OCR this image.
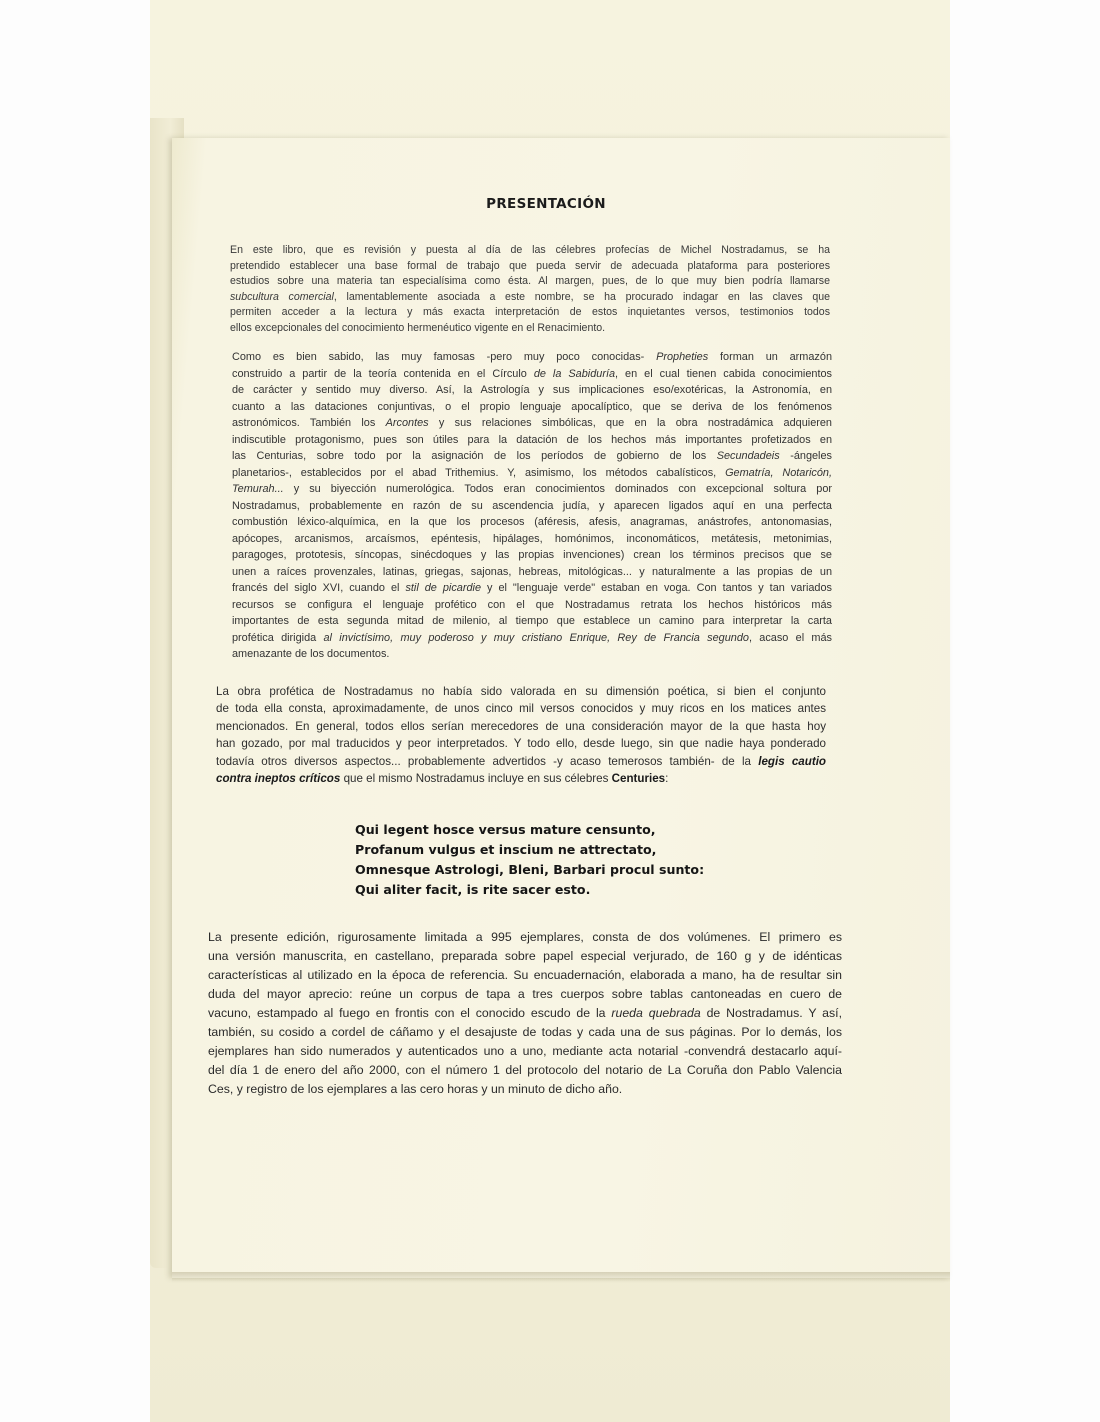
PRESENTACIÓN
En este libro, que es revisión y puesta al día de las célebres profecías de Michel Nostradamus, se ha
pretendido establecer una base formal de trabajo que pueda servir de adecuada plataforma para posteriores
estudios sobre una materia tan especialísima como ésta. Al margen, pues, de lo que muy bien podría llamarse
subcultura comercial, lamentablemente asociada a este nombre, se ha procurado indagar en las claves que
permiten acceder a la lectura y más exacta interpretación de estos inquietantes versos, testimonios todos
ellos excepcionales del conocimiento hermenéutico vigente en el Renacimiento.
Como es bien sabido, las muy famosas -pero muy poco conocidas- Propheties forman un armazón
construido a partir de la teoría contenida en el Círculo de la Sabiduría, en el cual tienen cabida conocimientos
de carácter y sentido muy diverso. Así, la Astrología y sus implicaciones eso/exotéricas, la Astronomía, en
cuanto a las dataciones conjuntivas, o el propio lenguaje apocalíptico, que se deriva de los fenómenos
astronómicos. También los Arcontes y sus relaciones simbólicas, que en la obra nostradámica adquieren
indiscutible protagonismo, pues son útiles para la datación de los hechos más importantes profetizados en
las Centurias, sobre todo por la asignación de los períodos de gobierno de los Secundadeis -ángeles
planetarios-, establecidos por el abad Trithemius. Y, asimismo, los métodos cabalísticos, Gematría, Notaricón,
Temurah... y su biyección numerológica. Todos eran conocimientos dominados con excepcional soltura por
Nostradamus, probablemente en razón de su ascendencia judía, y aparecen ligados aquí en una perfecta
combustión léxico-alquímica, en la que los procesos (aféresis, afesis, anagramas, anástrofes, antonomasias,
apócopes, arcanismos, arcaísmos, epéntesis, hipálages, homónimos, inconomáticos, metátesis, metonimias,
paragoges, prototesis, síncopas, sinécdoques y las propias invenciones) crean los términos precisos que se
unen a raíces provenzales, latinas, griegas, sajonas, hebreas, mitológicas... y naturalmente a las propias de un
francés del siglo XVI, cuando el stil de picardie y el "lenguaje verde" estaban en voga. Con tantos y tan variados
recursos se configura el lenguaje profético con el que Nostradamus retrata los hechos históricos más
importantes de esta segunda mitad de milenio, al tiempo que establece un camino para interpretar la carta
profética dirigida al invictísimo, muy poderoso y muy cristiano Enrique, Rey de Francia segundo, acaso el más
amenazante de los documentos.
La obra profética de Nostradamus no había sido valorada en su dimensión poética, si bien el conjunto
de toda ella consta, aproximadamente, de unos cinco mil versos conocidos y muy ricos en los matices antes
mencionados. En general, todos ellos serían merecedores de una consideración mayor de la que hasta hoy
han gozado, por mal traducidos y peor interpretados. Y todo ello, desde luego, sin que nadie haya ponderado
todavía otros diversos aspectos... probablemente advertidos -y acaso temerosos también- de la legis cautio
contra ineptos críticos que el mismo Nostradamus incluye en sus célebres Centuries:
Qui legent hosce versus mature censunto,
Profanum vulgus et inscium ne attrectato,
Omnesque Astrologi, Bleni, Barbari procul sunto:
Qui aliter facit, is rite sacer esto.
La presente edición, rigurosamente limitada a 995 ejemplares, consta de dos volúmenes. El primero es
una versión manuscrita, en castellano, preparada sobre papel especial verjurado, de 160 g y de idénticas
características al utilizado en la época de referencia. Su encuadernación, elaborada a mano, ha de resultar sin
duda del mayor aprecio: reúne un corpus de tapa a tres cuerpos sobre tablas cantoneadas en cuero de
vacuno, estampado al fuego en frontis con el conocido escudo de la rueda quebrada de Nostradamus. Y así,
también, su cosido a cordel de cáñamo y el desajuste de todas y cada una de sus páginas. Por lo demás, los
ejemplares han sido numerados y autenticados uno a uno, mediante acta notarial -convendrá destacarlo aquí-
del día 1 de enero del año 2000, con el número 1 del protocolo del notario de La Coruña don Pablo Valencia
Ces, y registro de los ejemplares a las cero horas y un minuto de dicho año.
